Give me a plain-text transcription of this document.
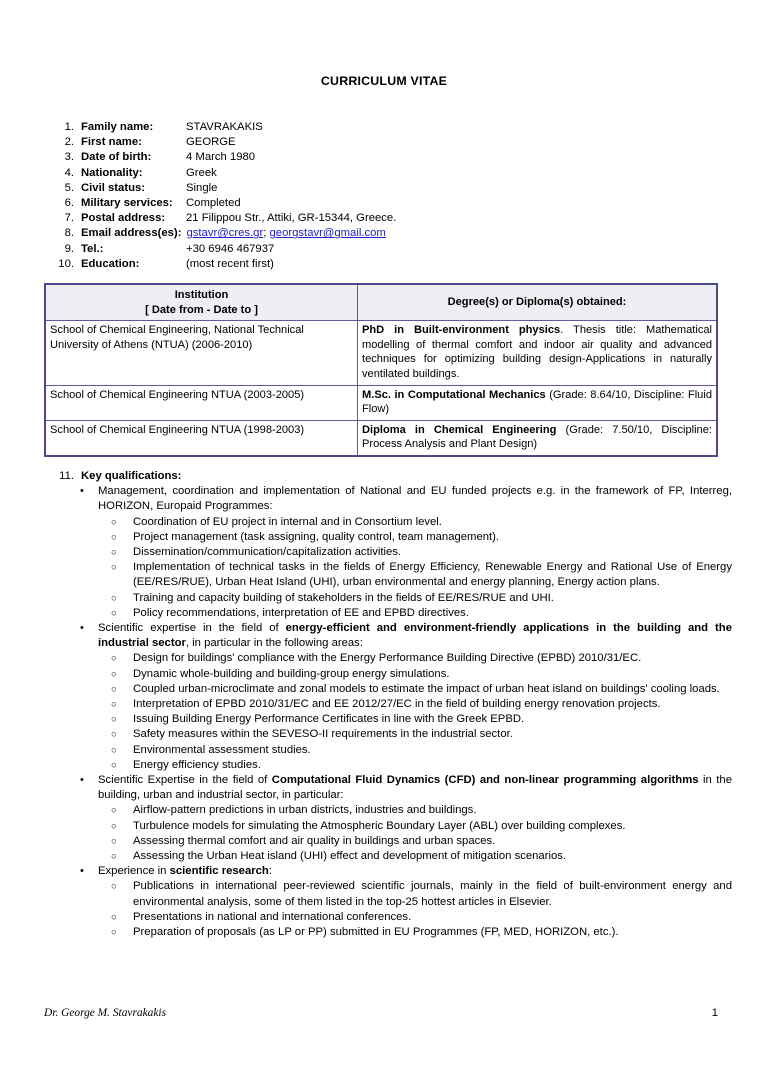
CURRICULUM VITAE
1. Family name:	STAVRAKAKIS
2. First name:	GEORGE
3. Date of birth:	4 March 1980
4. Nationality:	Greek
5. Civil status:	Single
6. Military services: Completed
7. Postal address: 21 Filippou Str., Attiki, GR-15344, Greece.
8. Email address(es): gstavr@cres.gr; georgstavr@gmail.com
9. Tel.:	+30 6946 467937
10. Education:	(most recent first)
Institution
[ Date from - Date to ]	Degree(s) or Diploma(s) obtained:
School of Chemical Engineering, National Technical University of Athens (NTUA) (2006-2010)	PhD in Built-environment physics. Thesis title: Mathematical modelling of thermal comfort and indoor air quality and advanced techniques for optimizing building design-Applications in naturally ventilated buildings.
School of Chemical Engineering NTUA (2003-2005)	M.Sc. in Computational Mechanics (Grade: 8.64/10, Discipline: Fluid Flow)
School of Chemical Engineering NTUA (1998-2003)	Diploma in Chemical Engineering (Grade: 7.50/10, Discipline: Process Analysis and Plant Design)
11. Key qualifications:
• Management, coordination and implementation of National and EU funded projects e.g. in the framework of FP, Interreg, HORIZON, Europaid Programmes:
○ Coordination of EU project in internal and in Consortium level.
○ Project management (task assigning, quality control, team management).
○ Dissemination/communication/capitalization activities.
○ Implementation of technical tasks in the fields of Energy Efficiency, Renewable Energy and Rational Use of Energy (EE/RES/RUE), Urban Heat Island (UHI), urban environmental and energy planning, Energy action plans.
○ Training and capacity building of stakeholders in the fields of EE/RES/RUE and UHI.
○ Policy recommendations, interpretation of EE and EPBD directives.
• Scientific expertise in the field of energy-efficient and environment-friendly applications in the building and the industrial sector, in particular in the following areas:
○ Design for buildings' compliance with the Energy Performance Building Directive (EPBD) 2010/31/EC.
○ Dynamic whole-building and building-group energy simulations.
○ Coupled urban-microclimate and zonal models to estimate the impact of urban heat island on buildings' cooling loads.
○ Interpretation of EPBD 2010/31/EC and EE 2012/27/EC in the field of building energy renovation projects.
○ Issuing Building Energy Performance Certificates in line with the Greek EPBD.
○ Safety measures within the SEVESO-II requirements in the industrial sector.
○ Environmental assessment studies.
○ Energy efficiency studies.
• Scientific Expertise in the field of Computational Fluid Dynamics (CFD) and non-linear programming algorithms in the building, urban and industrial sector, in particular:
○ Airflow-pattern predictions in urban districts, industries and buildings.
○ Turbulence models for simulating the Atmospheric Boundary Layer (ABL) over building complexes.
○ Assessing thermal comfort and air quality in buildings and urban spaces.
○ Assessing the Urban Heat island (UHI) effect and development of mitigation scenarios.
• Experience in scientific research:
○ Publications in international peer-reviewed scientific journals, mainly in the field of built-environment energy and environmental analysis, some of them listed in the top-25 hottest articles in Elsevier.
○ Presentations in national and international conferences.
○ Preparation of proposals (as LP or PP) submitted in EU Programmes (FP, MED, HORIZON, etc.).
Dr. George M. Stavrakakis	1
